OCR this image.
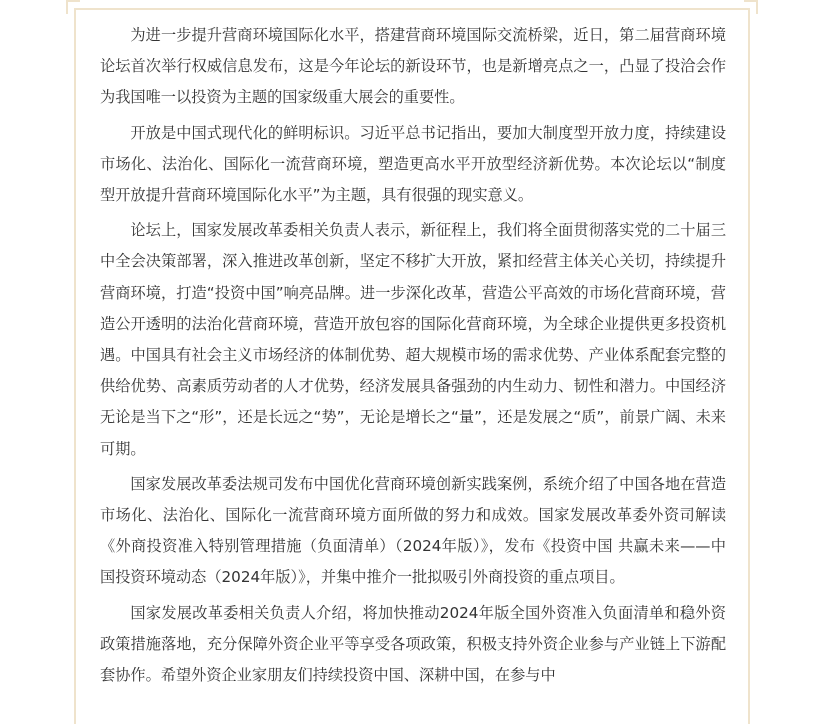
为进一步提升营商环境国际化水平，搭建营商环境国际交流桥梁，近日，第二届营商环境论坛首次举行权威信息发布，这是今年论坛的新设环节，也是新增亮点之一，凸显了投洽会作为我国唯一以投资为主题的国家级重大展会的重要性。

开放是中国式现代化的鲜明标识。习近平总书记指出，要加大制度型开放力度，持续建设市场化、法治化、国际化一流营商环境，塑造更高水平开放型经济新优势。本次论坛以“制度型开放提升营商环境国际化水平”为主题，具有很强的现实意义。

论坛上，国家发展改革委相关负责人表示，新征程上，我们将全面贯彻落实党的二十届三中全会决策部署，深入推进改革创新，坚定不移扩大开放，紧扣经营主体关心关切，持续提升营商环境，打造“投资中国”响亮品牌。进一步深化改革，营造公平高效的市场化营商环境，营造公开透明的法治化营商环境，营造开放包容的国际化营商环境，为全球企业提供更多投资机遇。中国具有社会主义市场经济的体制优势、超大规模市场的需求优势、产业体系配套完整的供给优势、高素质劳动者的人才优势，经济发展具备强劲的内生动力、韧性和潜力。中国经济无论是当下之“形”，还是长远之“势”，无论是增长之“量”，还是发展之“质”，前景广阔、未来可期。

国家发展改革委法规司发布中国优化营商环境创新实践案例，系统介绍了中国各地在营造市场化、法治化、国际化一流营商环境方面所做的努力和成效。国家发展改革委外资司解读《外商投资准入特别管理措施（负面清单）（2024年版）》，发布《投资中国 共赢未来——中国投资环境动态（2024年版）》，并集中推介一批拟吸引外商投资的重点项目。

国家发展改革委相关负责人介绍，将加快推动2024年版全国外资准入负面清单和稳外资政策措施落地，充分保障外资企业平等享受各项政策，积极支持外资企业参与产业链上下游配套协作。希望外资企业家朋友们持续投资中国、深耕中国，在参与中
